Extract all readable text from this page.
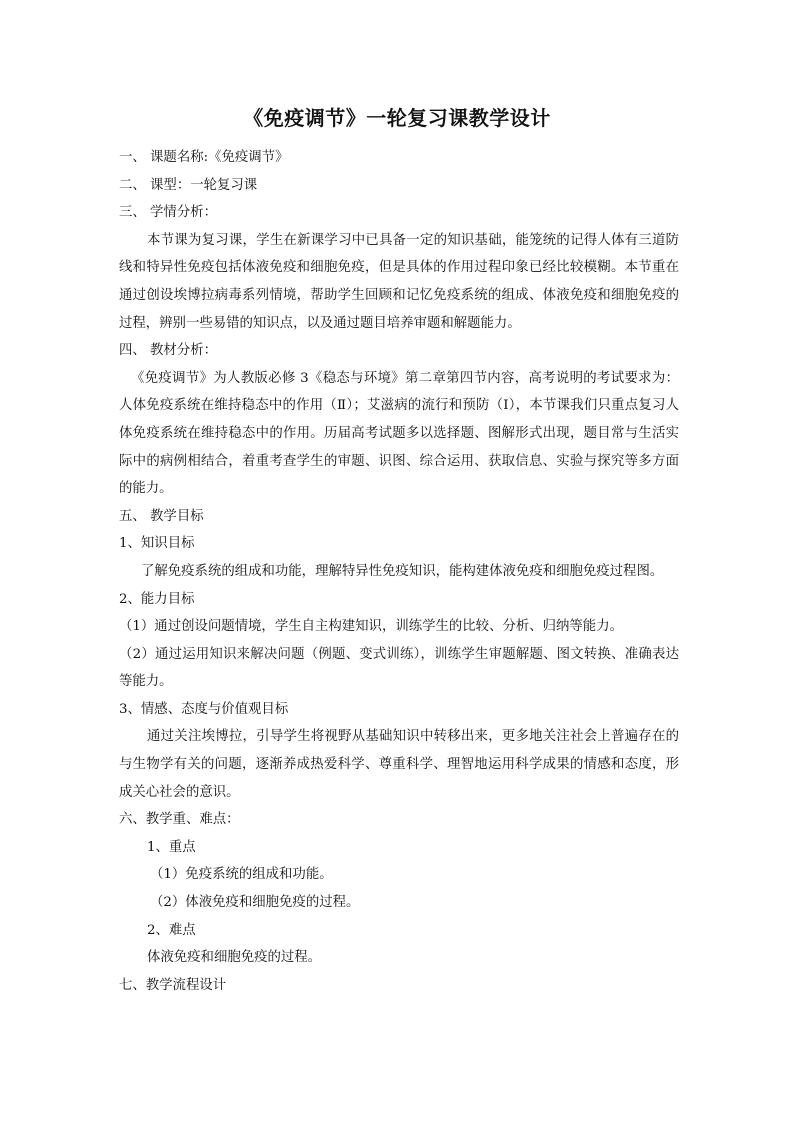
《免疫调节》一轮复习课教学设计
一、 课题名称:《免疫调节》
二、 课型：一轮复习课
三、 学情分析：
本节课为复习课，学生在新课学习中已具备一定的知识基础，能笼统的记得人体有三道防线和特异性免疫包括体液免疫和细胞免疫，但是具体的作用过程印象已经比较模糊。本节重在通过创设埃博拉病毒系列情境，帮助学生回顾和记忆免疫系统的组成、体液免疫和细胞免疫的过程，辨别一些易错的知识点，以及通过题目培养审题和解题能力。
四、 教材分析：
《免疫调节》为人教版必修 3《稳态与环境》第二章第四节内容，高考说明的考试要求为：人体免疫系统在维持稳态中的作用（Ⅱ）；艾滋病的流行和预防（Ⅰ），本节课我们只重点复习人体免疫系统在维持稳态中的作用。历届高考试题多以选择题、图解形式出现，题目常与生活实际中的病例相结合，着重考查学生的审题、识图、综合运用、获取信息、实验与探究等多方面的能力。
五、 教学目标
1、知识目标
了解免疫系统的组成和功能，理解特异性免疫知识，能构建体液免疫和细胞免疫过程图。
2、能力目标
（1）通过创设问题情境，学生自主构建知识，训练学生的比较、分析、归纳等能力。
（2）通过运用知识来解决问题（例题、变式训练），训练学生审题解题、图文转换、准确表达等能力。
3、情感、态度与价值观目标
通过关注埃博拉，引导学生将视野从基础知识中转移出来，更多地关注社会上普遍存在的与生物学有关的问题，逐渐养成热爱科学、尊重科学、理智地运用科学成果的情感和态度，形成关心社会的意识。
六、教学重、难点：
1、重点
（1）免疫系统的组成和功能。
（2）体液免疫和细胞免疫的过程。
2、难点
体液免疫和细胞免疫的过程。
七、教学流程设计
